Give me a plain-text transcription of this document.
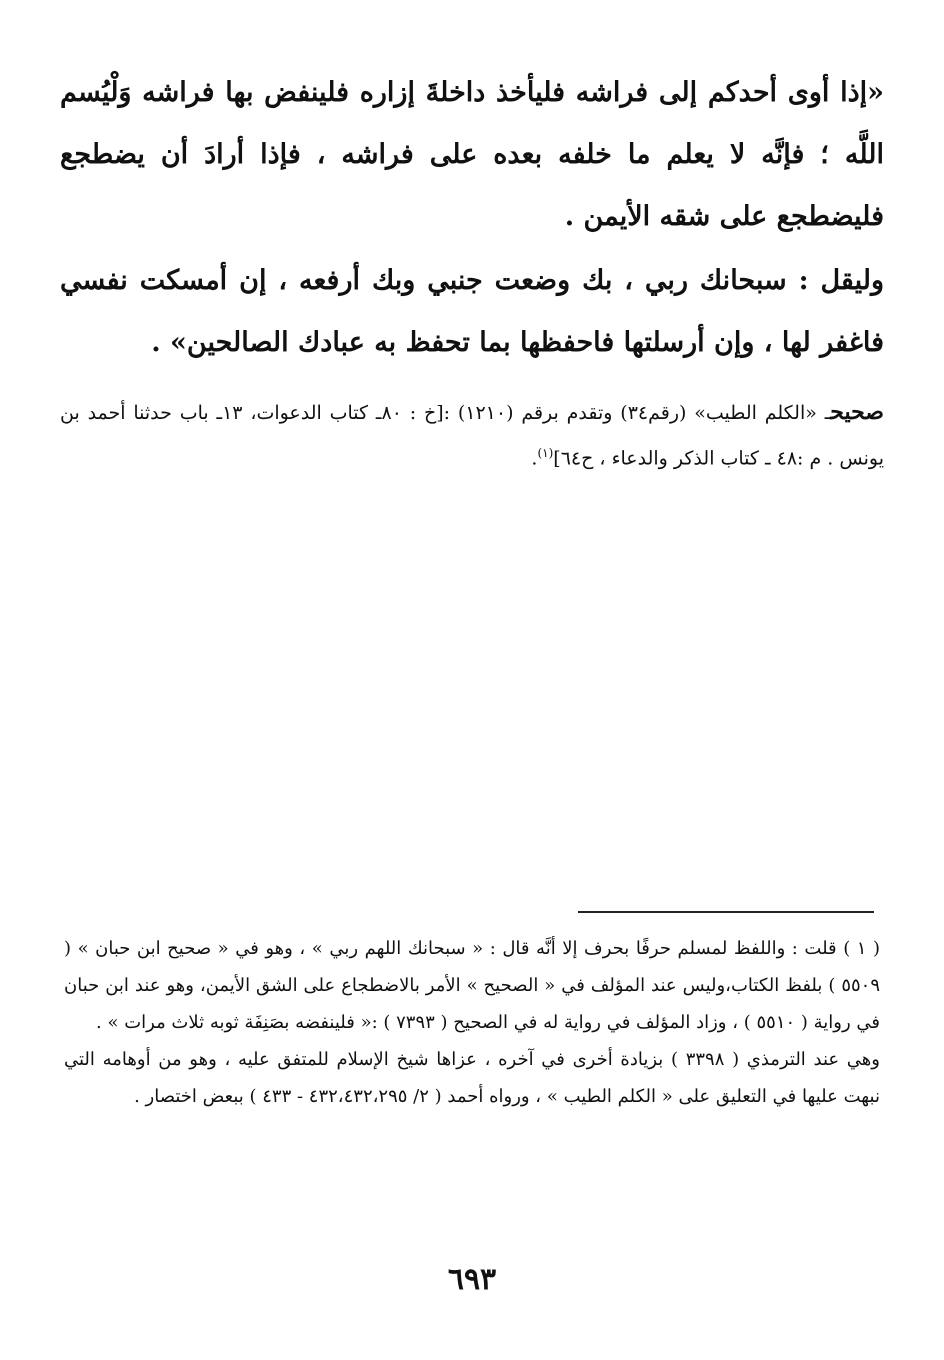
«إذا أوى أحدكم إلى فراشه فليأخذ داخلةَ إزاره فلينفض بها فراشه وَلْيُسم اللَّه ؛ فإنَّه لا يعلم ما خلفه بعده على فراشه ، فإذا أرادَ أن يضطجع فليضطجع على شقه الأيمن .

وليقل : سبحانك ربي ، بك وضعت جنبي وبك أرفعه ، إن أمسكت نفسي فاغفر لها ، وإن أرسلتها فاحفظها بما تحفظ به عبادك الصالحين» .

صحيحـ «الكلم الطيب» (رقم٣٤) وتقدم برقم (١٢١٠) :[خ : ٨٠ـ كتاب الدعوات، ١٣ـ باب حدثنا أحمد بن يونس . م :٤٨ ـ كتاب الذكر والدعاء ، ح٦٤]$^{(١)}$.

( ١ ) قلت : واللفظ لمسلم حرفًا بحرف إلا أنَّه قال : « سبحانك اللهم ربي » ، وهو في « صحيح ابن حبان » ( ٥٥٠٩ ) بلفظ الكتاب،وليس عند المؤلف في « الصحيح » الأمر بالاضطجاع على الشق الأيمن، وهو عند ابن حبان في رواية ( ٥٥١٠ ) ، وزاد المؤلف في رواية له في الصحيح ( ٧٣٩٣ ) :« فلينفضه بصَنِفَة ثوبه ثلاث مرات » .

وهي عند الترمذي ( ٣٣٩٨ ) بزيادة أخرى في آخره ، عزاها شيخ الإسلام للمتفق عليه ، وهو من أوهامه التي نبهت عليها في التعليق على « الكلم الطيب » ، ورواه أحمد ( ٢/ ٤٣٢،٤٣٢،٢٩٥ - ٤٣٣ ) ببعض اختصار .

٦٩٣
